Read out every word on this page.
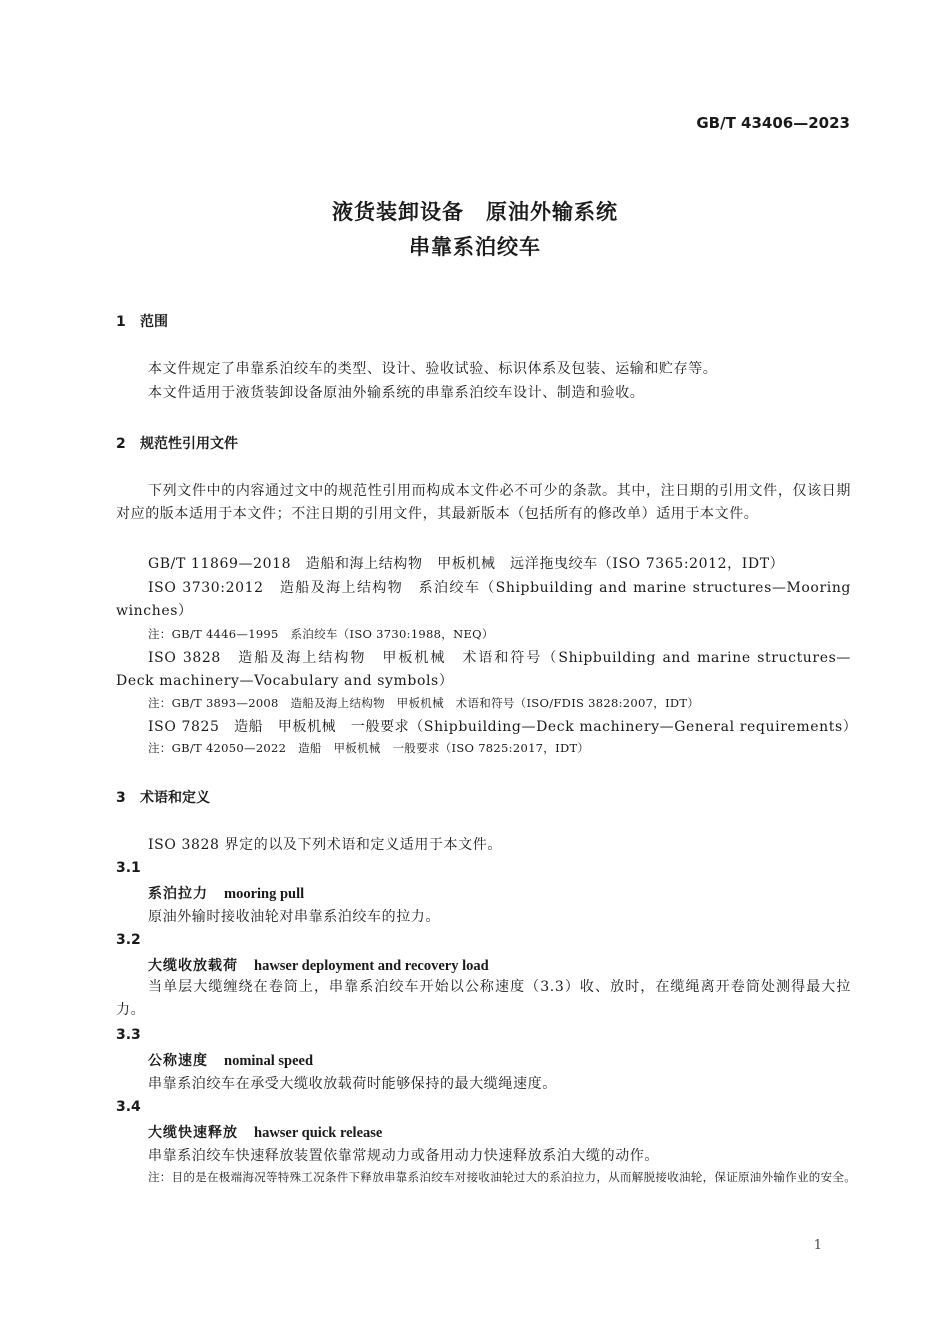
GB/T 43406—2023
液货装卸设备　原油外输系统
串靠系泊绞车
1 范围
本文件规定了串靠系泊绞车的类型、设计、验收试验、标识体系及包装、运输和贮存等。
本文件适用于液货装卸设备原油外输系统的串靠系泊绞车设计、制造和验收。
2 规范性引用文件
下列文件中的内容通过文中的规范性引用而构成本文件必不可少的条款。其中，注日期的引用文件，仅该日期对应的版本适用于本文件；不注日期的引用文件，其最新版本（包括所有的修改单）适用于本文件。
GB/T 11869—2018　造船和海上结构物　甲板机械　远洋拖曳绞车（ISO 7365:2012，IDT）
ISO 3730:2012　造船及海上结构物　系泊绞车（Shipbuilding and marine structures—Mooring winches）
注：GB/T 4446—1995　系泊绞车（ISO 3730:1988，NEQ）
ISO 3828　造船及海上结构物　甲板机械　术语和符号（Shipbuilding and marine structures—Deck machinery—Vocabulary and symbols）
注：GB/T 3893—2008　造船及海上结构物　甲板机械　术语和符号（ISO/FDIS 3828:2007，IDT）
ISO 7825　造船　甲板机械　一般要求（Shipbuilding—Deck machinery—General requirements）
注：GB/T 42050—2022　造船　甲板机械　一般要求（ISO 7825:2017，IDT）
3 术语和定义
ISO 3828 界定的以及下列术语和定义适用于本文件。
3.1
系泊拉力 mooring pull
原油外输时接收油轮对串靠系泊绞车的拉力。
3.2
大缆收放载荷 hawser deployment and recovery load
当单层大缆缠绕在卷筒上，串靠系泊绞车开始以公称速度（3.3）收、放时，在缆绳离开卷筒处测得最大拉力。
3.3
公称速度 nominal speed
串靠系泊绞车在承受大缆收放载荷时能够保持的最大缆绳速度。
3.4
大缆快速释放 hawser quick release
串靠系泊绞车快速释放装置依靠常规动力或备用动力快速释放系泊大缆的动作。
注：目的是在极端海况等特殊工况条件下释放串靠系泊绞车对接收油轮过大的系泊拉力，从而解脱接收油轮，保证原油外输作业的安全。
1
